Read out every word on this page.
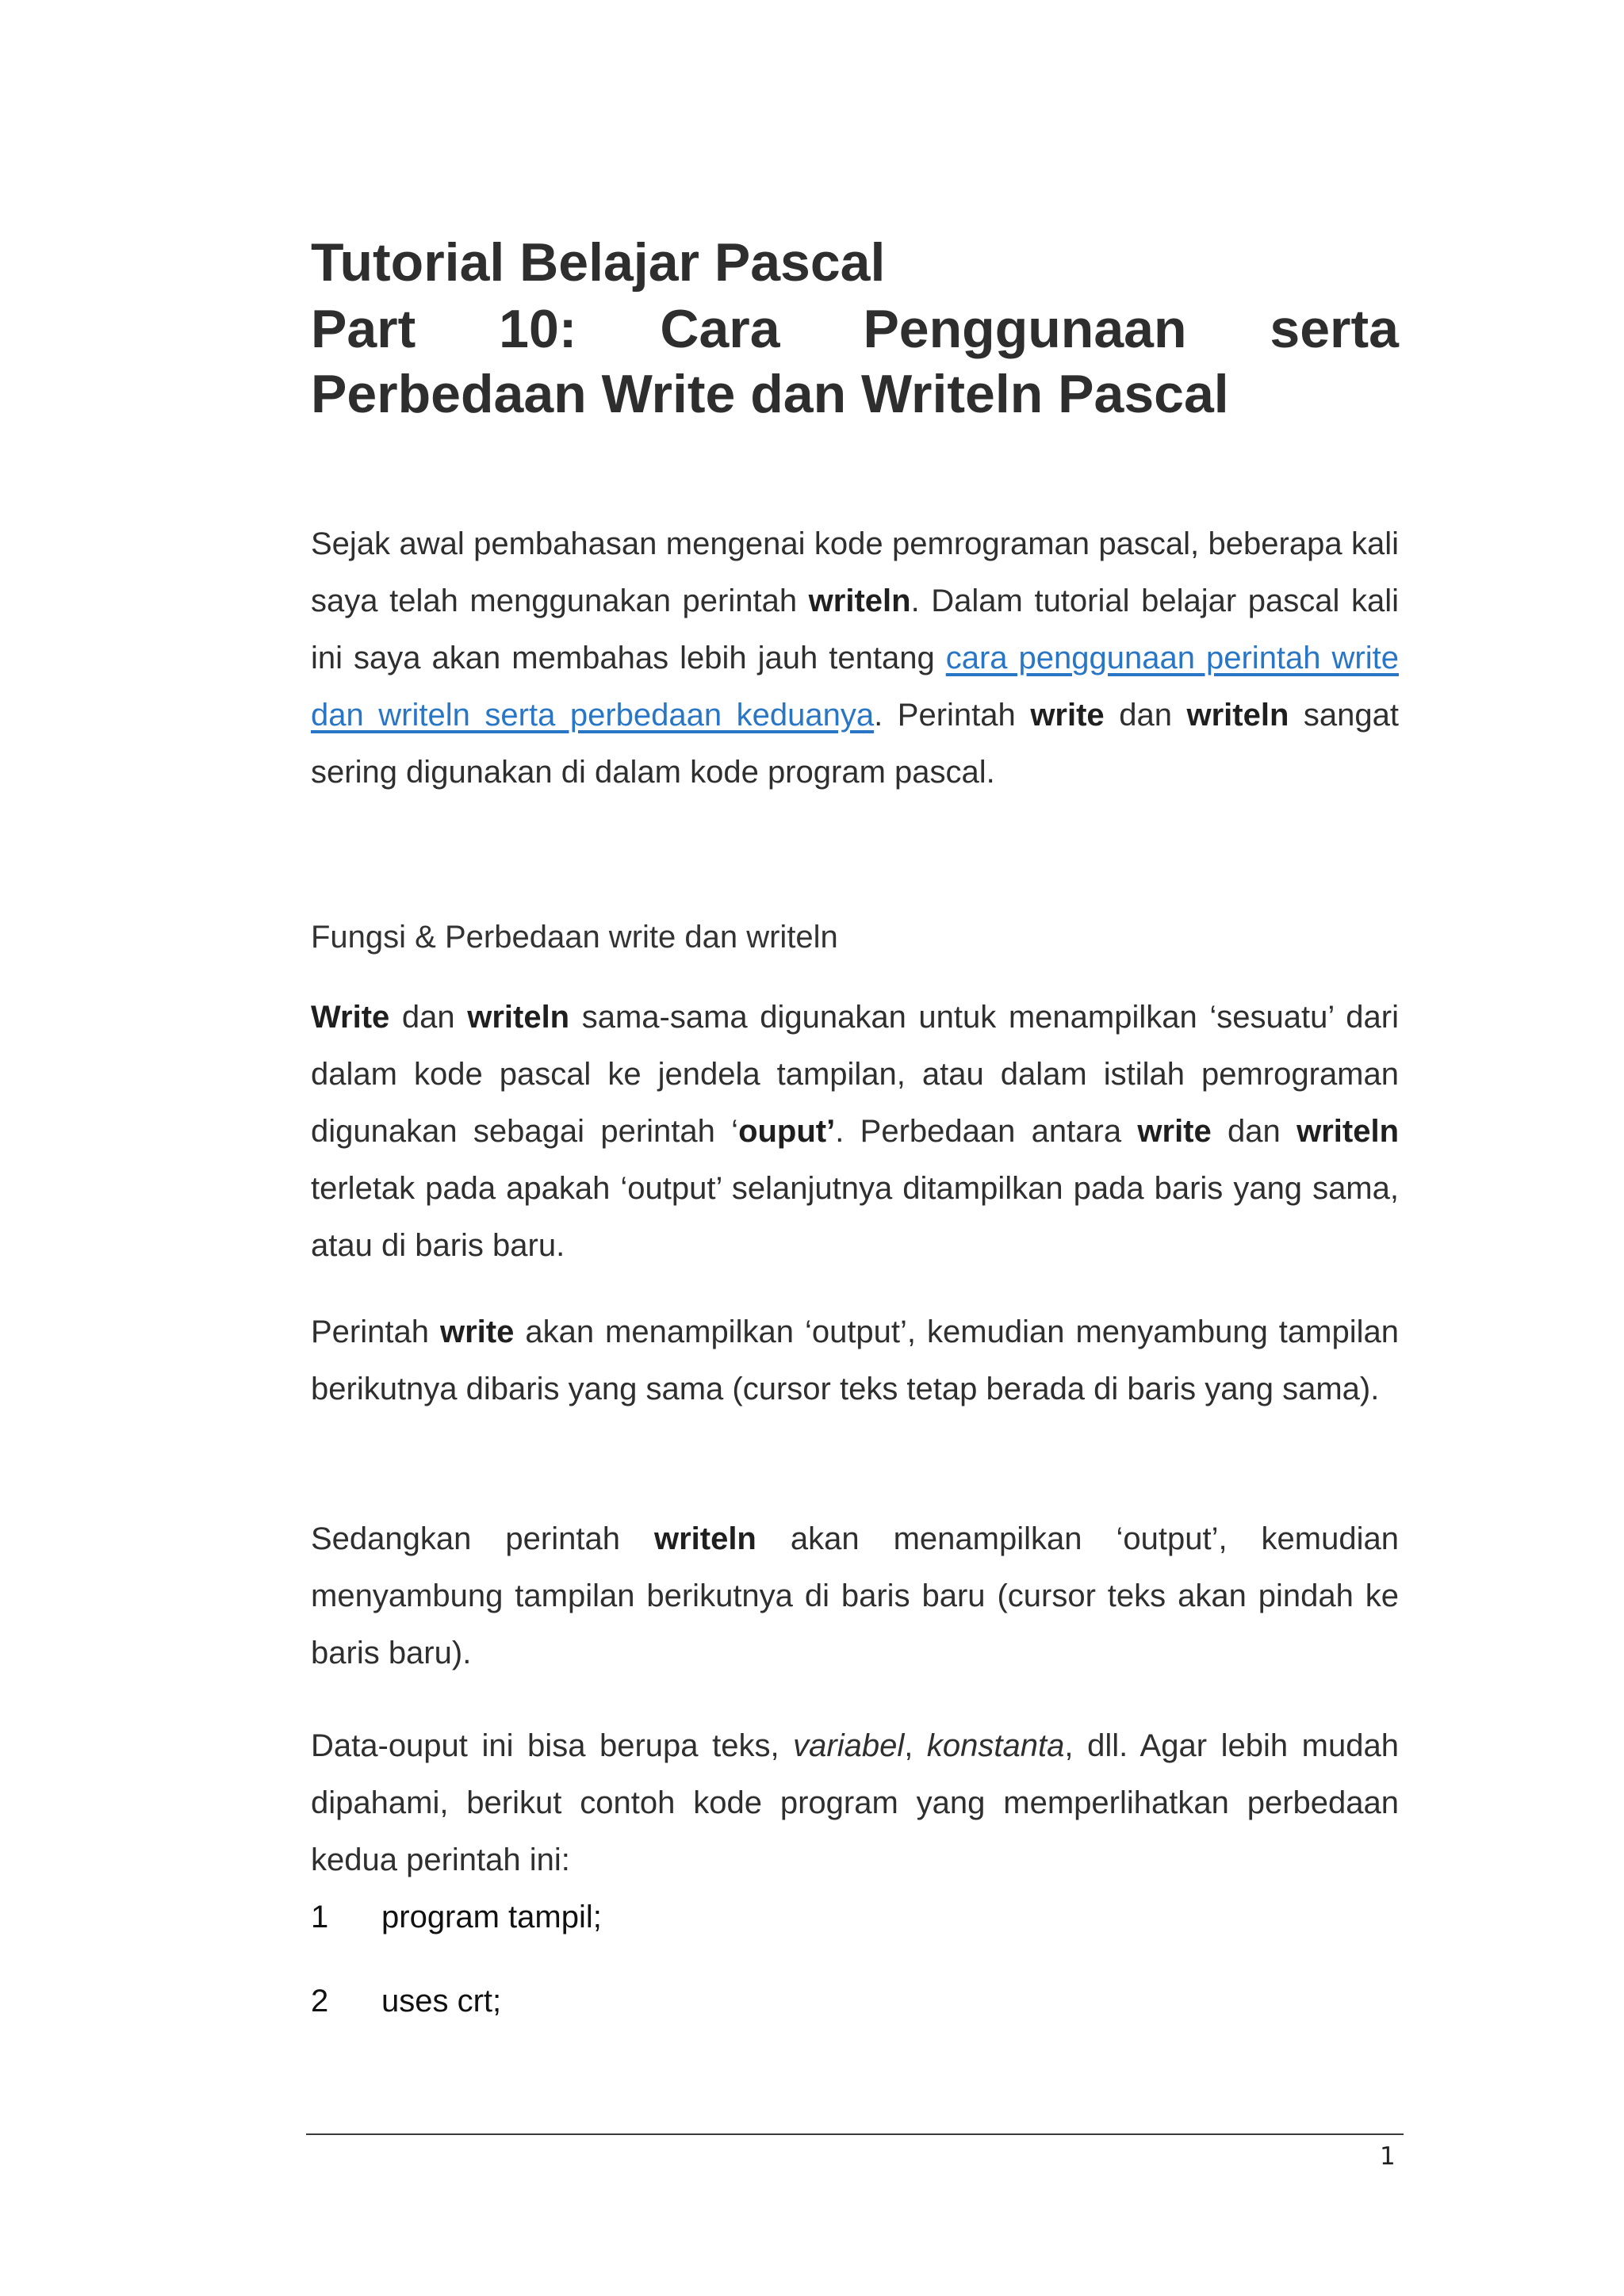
Tutorial Belajar Pascal
Part 10: Cara Penggunaan serta
Perbedaan Write dan Writeln Pascal

Sejak awal pembahasan mengenai kode pemrograman pascal, beberapa kali saya telah menggunakan perintah writeln. Dalam tutorial belajar pascal kali ini saya akan membahas lebih jauh tentang cara penggunaan perintah write dan writeln serta perbedaan keduanya. Perintah write dan writeln sangat sering digunakan di dalam kode program pascal.

Fungsi & Perbedaan write dan writeln

Write dan writeln sama-sama digunakan untuk menampilkan ‘sesuatu’ dari dalam kode pascal ke jendela tampilan, atau dalam istilah pemrograman digunakan sebagai perintah ‘ouput’. Perbedaan antara write dan writeln terletak pada apakah ‘output’ selanjutnya ditampilkan pada baris yang sama, atau di baris baru.

Perintah write akan menampilkan ‘output’, kemudian menyambung tampilan berikutnya dibaris yang sama (cursor teks tetap berada di baris yang sama).

Sedangkan perintah writeln akan menampilkan ‘output’, kemudian menyambung tampilan berikutnya di baris baru (cursor teks akan pindah ke baris baru).

Data-ouput ini bisa berupa teks, variabel, konstanta, dll. Agar lebih mudah dipahami, berikut contoh kode program yang memperlihatkan perbedaan kedua perintah ini:

1 program tampil;
2 uses crt;
1
